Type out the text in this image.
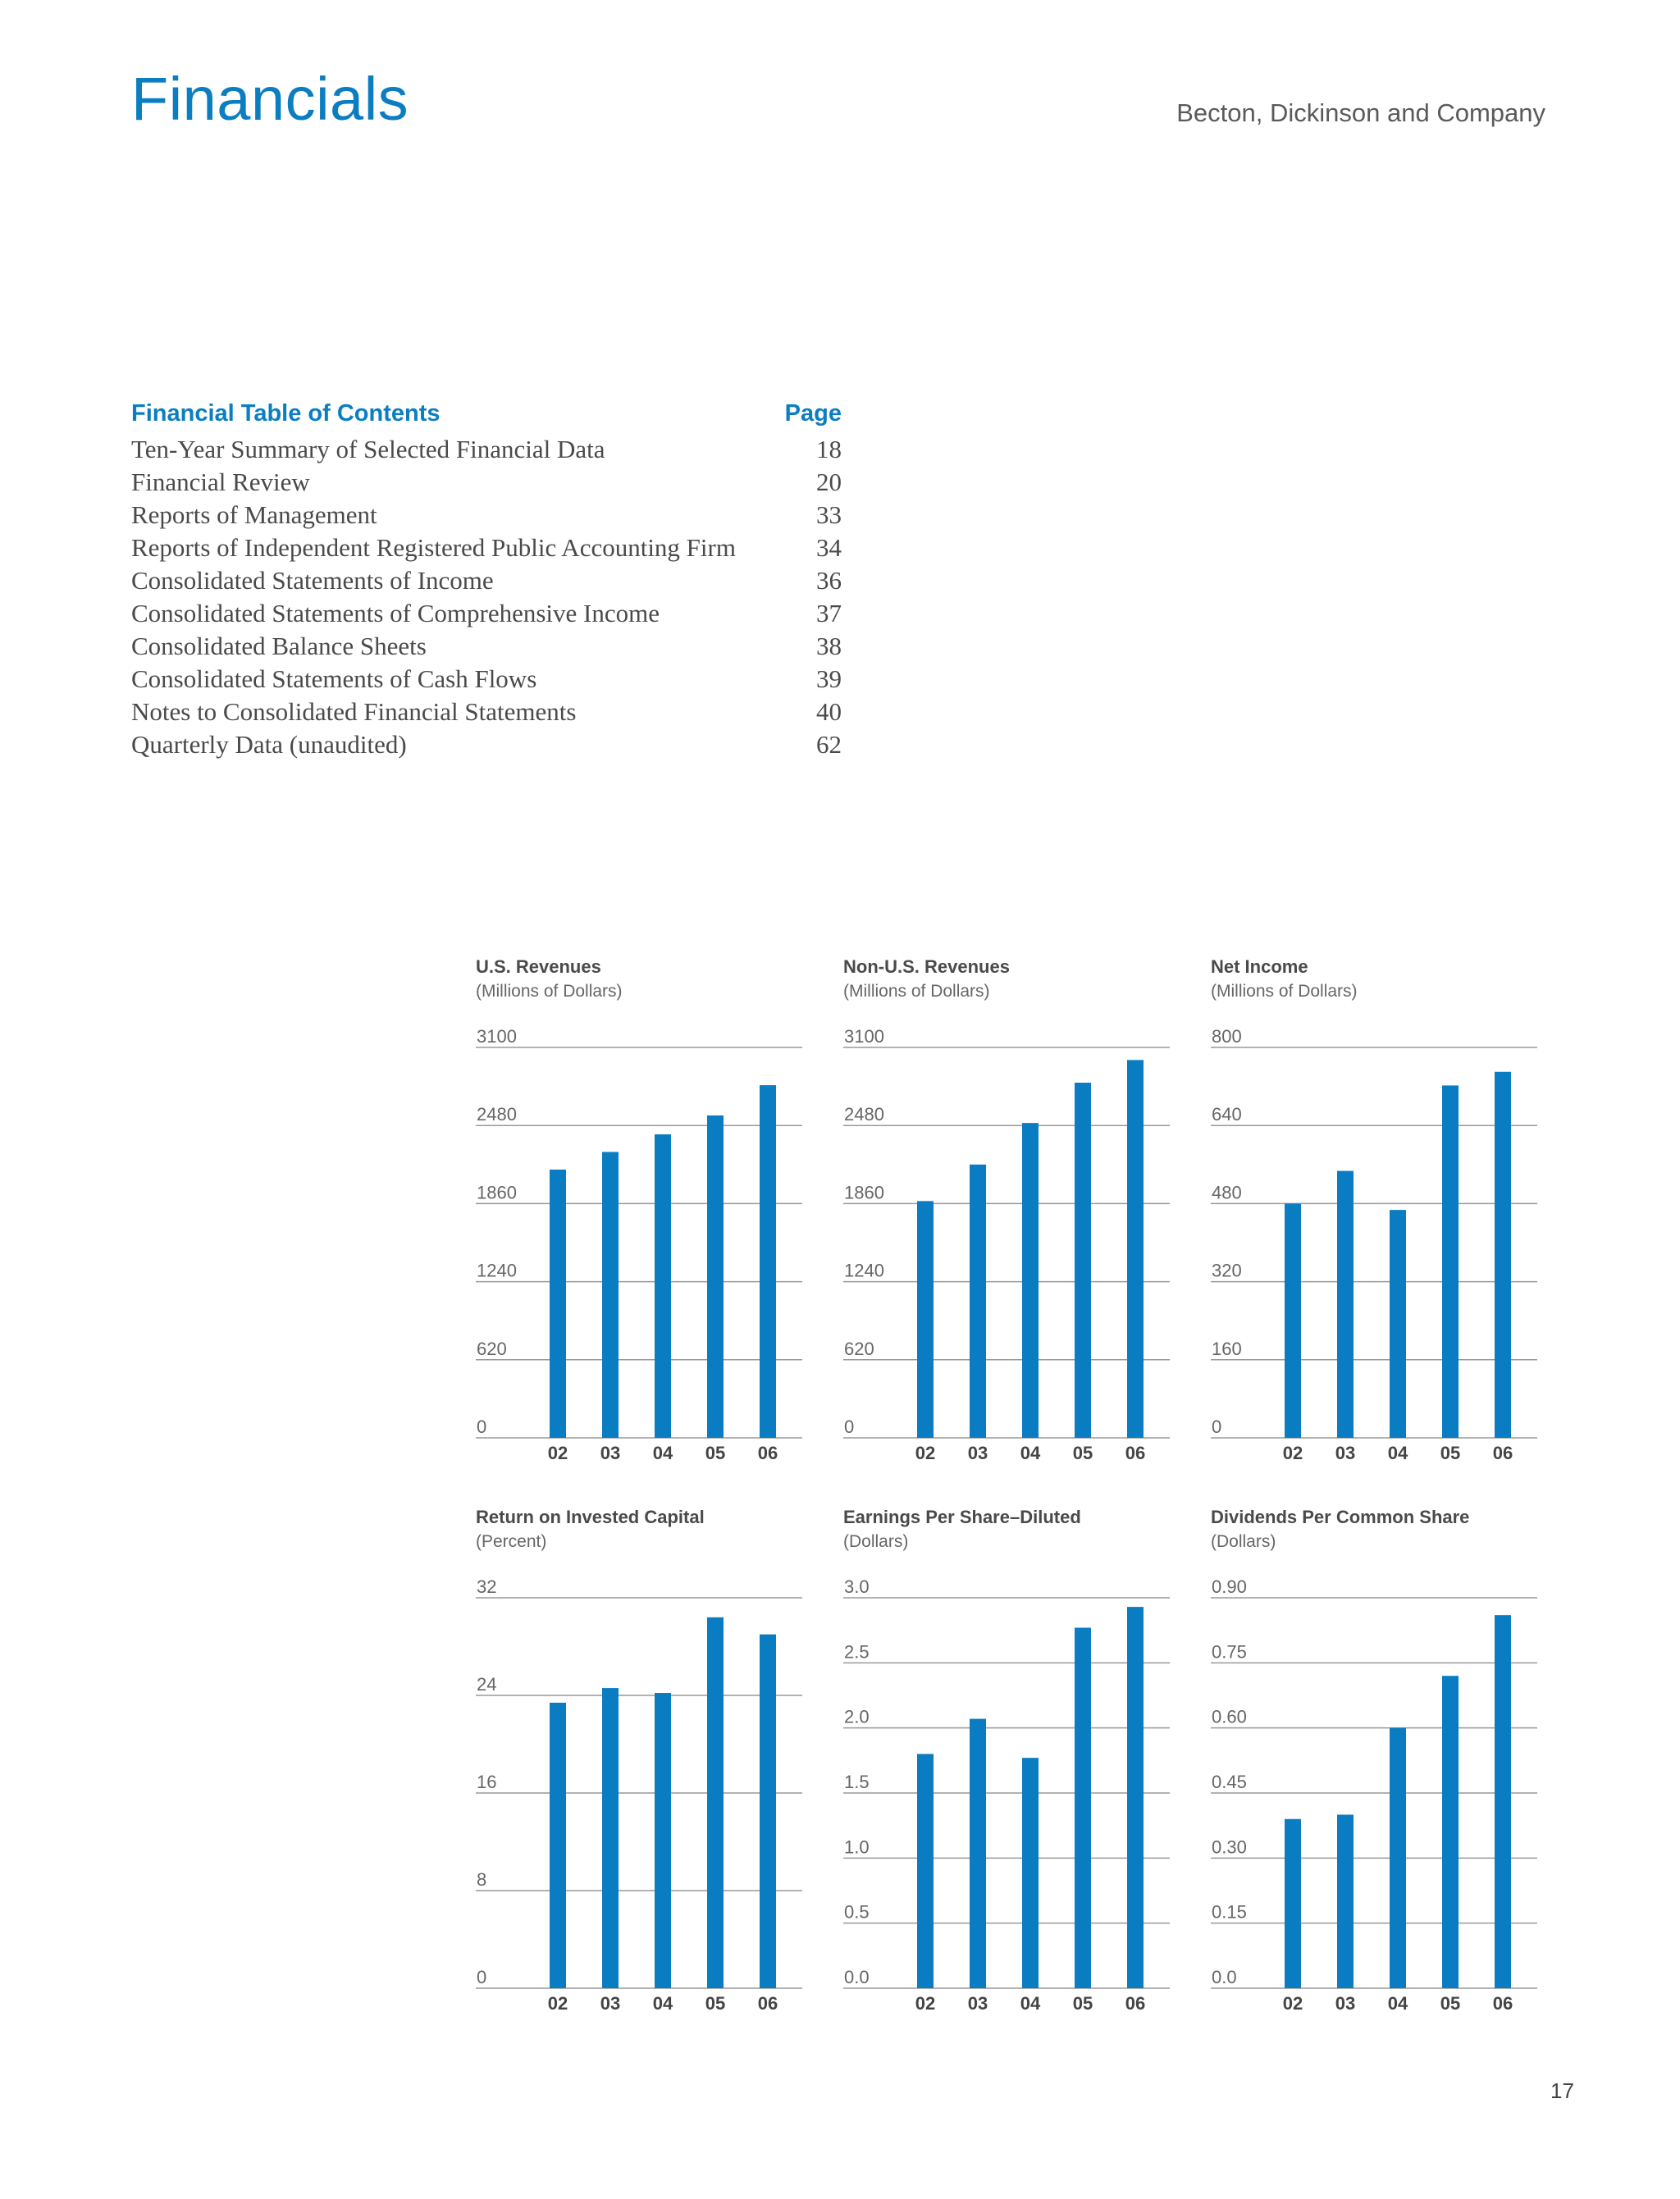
Financials	Becton, Dickinson and Company
Financial Table of Contents	Page
Ten-Year Summary of Selected Financial Data	18
Financial Review	20
Reports of Management	33
Reports of Independent Registered Public Accounting Firm	34
Consolidated Statements of Income	36
Consolidated Statements of Comprehensive Income	37
Consolidated Balance Sheets	38
Consolidated Statements of Cash Flows	39
Notes to Consolidated Financial Statements	40
Quarterly Data (unaudited)	62
U.S. Revenues

(Millions of Dollars)

0
620
1240
1860
2480
3100
02 03 04 05 06
Non-U.S. Revenues

(Millions of Dollars)

0
620
1240
1860
2480
3100
02 03 04 05 06
Net Income

(Millions of Dollars)

0
160
320
480
640
800
02 03 04 05 06
Return on Invested Capital

(Percent)

0
8
16
24
32
02 03 04 05 06
Earnings Per Share–Diluted

(Dollars)

0.0
0.5
1.0
1.5
2.0
2.5
3.0
02 03 04 05 06
Dividends Per Common Share

(Dollars)

0.0
0.15
0.30
0.45
0.60
0.75
0.90
02 03 04 05 06
17
